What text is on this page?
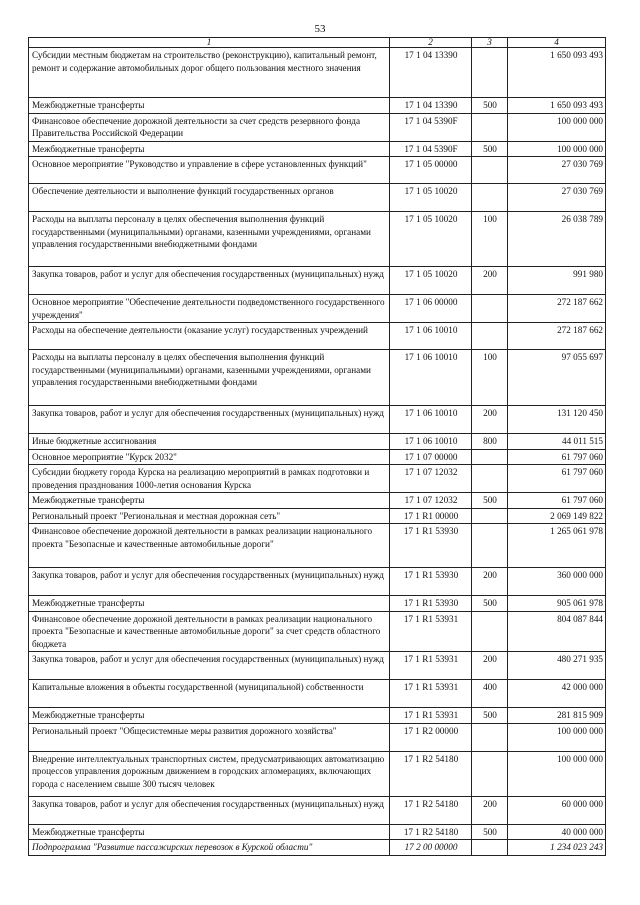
53
1	2	3	4
Субсидии местным бюджетам на строительство (реконструкцию), капитальный ремонт, ремонт и содержание автомобильных дорог общего пользования местного значения	17 1 04 13390		1 650 093 493
Межбюджетные трансферты	17 1 04 13390	500	1 650 093 493
Финансовое обеспечение дорожной деятельности за счет средств резервного фонда Правительства Российской Федерации	17 1 04 5390F		100 000 000
Межбюджетные трансферты	17 1 04 5390F	500	100 000 000
Основное мероприятие "Руководство и управление в сфере установленных функций"	17 1 05 00000		27 030 769
Обеспечение деятельности и выполнение функций государственных органов	17 1 05 10020		27 030 769
Расходы на выплаты персоналу в целях обеспечения выполнения функций государственными (муниципальными) органами, казенными учреждениями, органами управления государственными внебюджетными фондами	17 1 05 10020	100	26 038 789
Закупка товаров, работ и услуг для обеспечения государственных (муниципальных) нужд	17 1 05 10020	200	991 980
Основное мероприятие "Обеспечение деятельности подведомственного государственного учреждения"	17 1 06 00000		272 187 662
Расходы на обеспечение деятельности (оказание услуг) государственных учреждений	17 1 06 10010		272 187 662
Расходы на выплаты персоналу в целях обеспечения выполнения функций государственными (муниципальными) органами, казенными учреждениями, органами управления государственными внебюджетными фондами	17 1 06 10010	100	97 055 697
Закупка товаров, работ и услуг для обеспечения государственных (муниципальных) нужд	17 1 06 10010	200	131 120 450
Иные бюджетные ассигнования	17 1 06 10010	800	44 011 515
Основное мероприятие "Курск 2032"	17 1 07 00000		61 797 060
Субсидии бюджету города Курска на реализацию мероприятий в рамках подготовки и проведения празднования 1000-летия основания Курска	17 1 07 12032		61 797 060
Межбюджетные трансферты	17 1 07 12032	500	61 797 060
Региональный проект "Региональная и местная дорожная сеть"	17 1 R1 00000		2 069 149 822
Финансовое обеспечение дорожной деятельности в рамках реализации национального проекта "Безопасные и качественные автомобильные дороги"	17 1 R1 53930		1 265 061 978
Закупка товаров, работ и услуг для обеспечения государственных (муниципальных) нужд	17 1 R1 53930	200	360 000 000
Межбюджетные трансферты	17 1 R1 53930	500	905 061 978
Финансовое обеспечение дорожной деятельности в рамках реализации национального проекта "Безопасные и качественные автомобильные дороги" за счет средств областного бюджета	17 1 R1 53931		804 087 844
Закупка товаров, работ и услуг для обеспечения государственных (муниципальных) нужд	17 1 R1 53931	200	480 271 935
Капитальные вложения в объекты государственной (муниципальной) собственности	17 1 R1 53931	400	42 000 000
Межбюджетные трансферты	17 1 R1 53931	500	281 815 909
Региональный проект "Общесистемные меры развития дорожного хозяйства"	17 1 R2 00000		100 000 000
Внедрение интеллектуальных транспортных систем, предусматривающих автоматизацию процессов управления дорожным движением в городских агломерациях, включающих города с населением свыше 300 тысяч человек	17 1 R2 54180		100 000 000
Закупка товаров, работ и услуг для обеспечения государственных (муниципальных) нужд	17 1 R2 54180	200	60 000 000
Межбюджетные трансферты	17 1 R2 54180	500	40 000 000
Подпрограмма "Развитие пассажирских перевозок в Курской области"	17 2 00 00000		1 234 023 243
